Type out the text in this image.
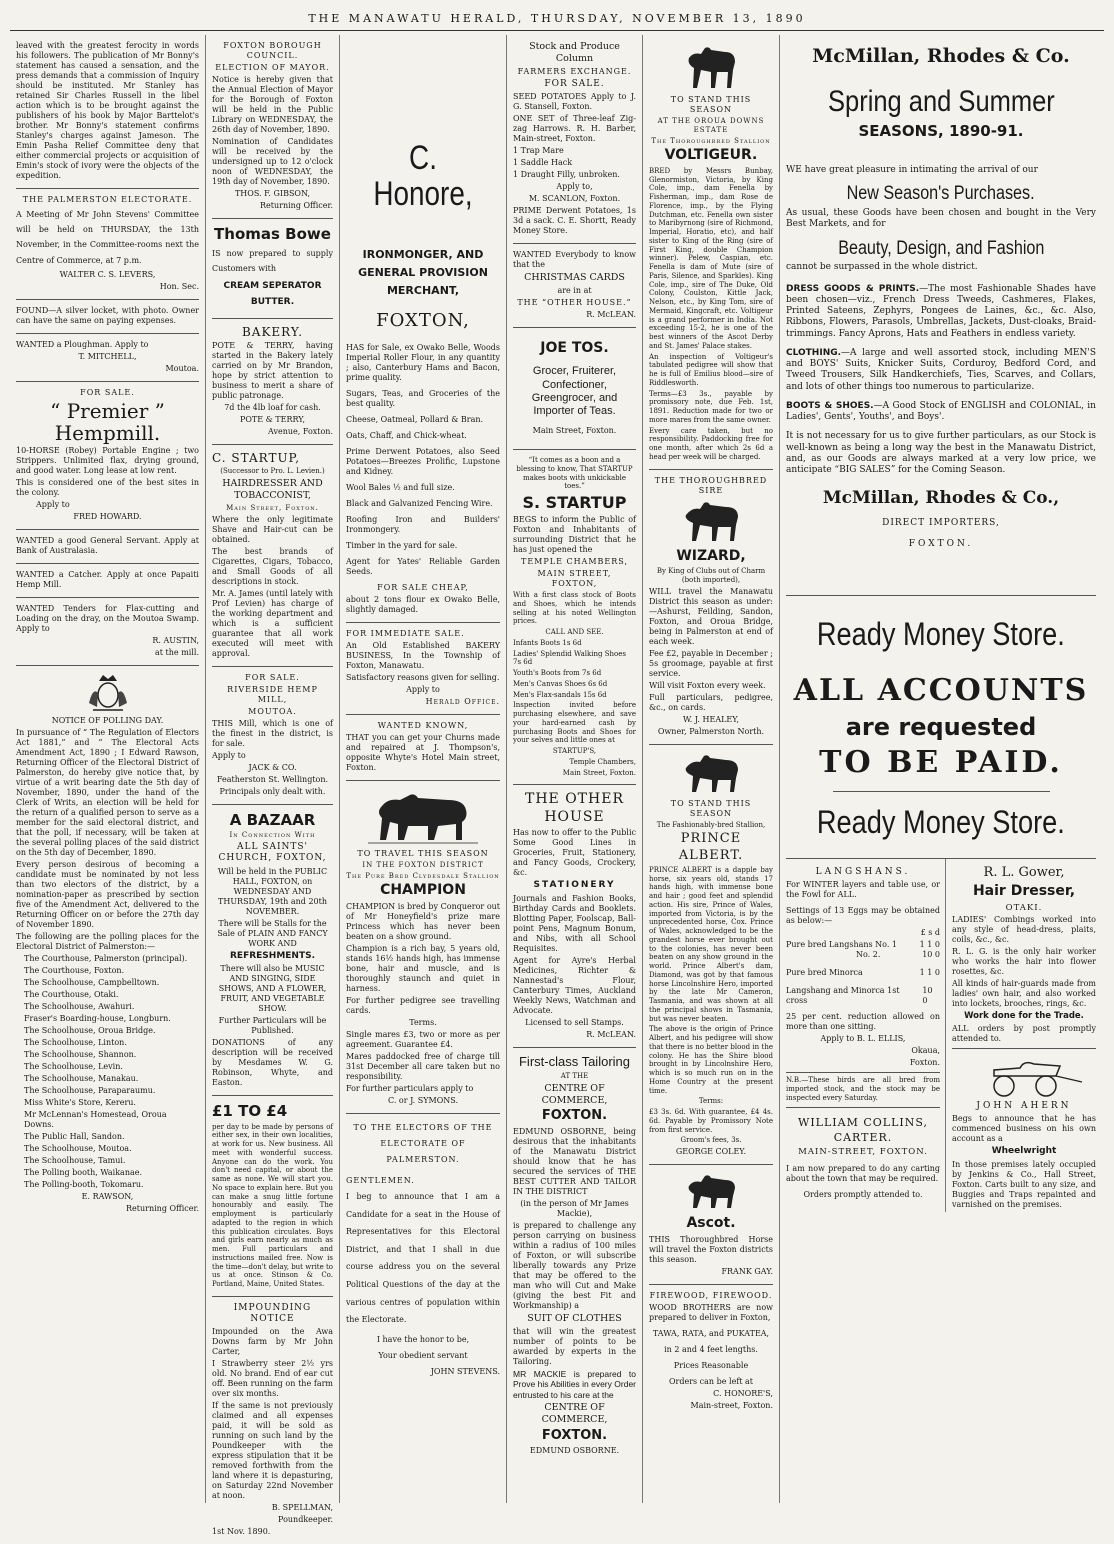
THE MANAWATU HERALD, THURSDAY, NOVEMBER 13, 1890

leaved with the greatest ferocity in words his followers. The publication of Mr Bonny's statement has caused a sensation, and the press demands that a commission of Inquiry should be instituted. Mr Stanley has retained Sir Charles Russell in the libel action which is to be brought against the publishers of his book by Major Barttelot's brother. Mr Bonny's statement confirms Stanley's charges against Jameson. The Emin Pasha Relief Committee deny that either commercial projects or acquisition of Emin's stock of ivory were the objects of the expedition.

THE PALMERSTON ELECTORATE.

A Meeting of Mr John Stevens' Committee will be held on THURSDAY, the 13th November, in the Committee-rooms next the Centre of Commerce, at 7 p.m.

WALTER C. S. LEVERS,

Hon. Sec.

FOUND—A silver locket, with photo. Owner can have the same on paying expenses.

WANTED a Ploughman. Apply to

T. MITCHELL,

Moutoa.

FOR SALE.

“ Premier ” Hempmill.

10-HORSE (Robey) Portable Engine ; two Strippers. Unlimited flax, drying ground, and good water. Long lease at low rent.

This is considered one of the best sites in the colony.

Apply to

FRED HOWARD.

WANTED a good General Servant. Apply at Bank of Australasia.

WANTED a Catcher. Apply at once Papaiti Hemp Mill.

WANTED Tenders for Flax-cutting and Loading on the dray, on the Moutoa Swamp. Apply to

R. AUSTIN,

at the mill.

NOTICE OF POLLING DAY.

In pursuance of “ The Regulation of Electors Act 1881,” and “ The Electoral Acts Amendment Act, 1890 ; I Edward Rawson, Returning Officer of the Electoral District of Palmerston, do hereby give notice that, by virtue of a writ bearing date the 5th day of November, 1890, under the hand of the Clerk of Writs, an election will be held for the return of a qualified person to serve as a member for the said electoral district, and that the poll, if necessary, will be taken at the several polling places of the said district on the 5th day of December, 1890.

Every person desirous of becoming a candidate must be nominated by not less than two electors of the district, by a nomination-paper as prescribed by section five of the Amendment Act, delivered to the Returning Officer on or before the 27th day of November 1890.

The following are the polling places for the Electoral District of Palmerston:—

The Courthouse, Palmerston (principal).

The Courthouse, Foxton.

The Schoolhouse, Campbelltown.

The Courthouse, Otaki.

The Schoolhouse, Awahuri.

Fraser's Boarding-house, Longburn.

The Schoolhouse, Oroua Bridge.

The Schoolhouse, Linton.

The Schoolhouse, Shannon.

The Schoolhouse, Levin.

The Schoolhouse, Manakau.

The Schoolhouse, Paraparaumu.

Miss White's Store, Kereru.

Mr McLennan's Homestead, Oroua Downs.

The Public Hall, Sandon.

The Schoolhouse, Moutoa.

The Schoolhouse, Tamui.

The Polling booth, Waikanae.

The Polling-booth, Tokomaru.

E. RAWSON,

Returning Officer.

FOXTON BOROUGH COUNCIL.

ELECTION OF MAYOR.

Notice is hereby given that the Annual Election of Mayor for the Borough of Foxton will be held in the Public Library on WEDNESDAY, the 26th day of November, 1890.

Nomination of Candidates will be received by the undersigned up to 12 o'clock noon of WEDNESDAY, the 19th day of November, 1890.

THOS. F. GIBSON,

Returning Officer.

Thomas Bowe

IS now prepared to supply Customers with

CREAM SEPERATOR BUTTER.

BAKERY.

POTE & TERRY, having started in the Bakery lately carried on by Mr Brandon, hope by strict attention to business to merit a share of public patronage.

7d the 4lb loaf for cash.

POTE & TERRY,

Avenue, Foxton.

C. STARTUP,

(Successor to Pro. L. Levien.)

HAIRDRESSER AND TOBACCONIST,

Main Street, Foxton.

Where the only legitimate Shave and Hair-cut can be obtained.

The best brands of Cigarettes, Cigars, Tobacco, and Small Goods of all descriptions in stock.

Mr. A. James (until lately with Prof Levien) has charge of the working department and which is a sufficient guarantee that all work executed will meet with approval.

FOR SALE.

RIVERSIDE HEMP MILL,

MOUTOA.

THIS Mill, which is one of the finest in the district, is for sale.

Apply to

JACK & CO.

Featherston St. Wellington.

Principals only dealt with.

A BAZAAR

In Connection With

ALL SAINTS' CHURCH, FOXTON,

Will be held in the PUBLIC HALL, FOXTON, on WEDNESDAY AND THURSDAY, 19th and 20th NOVEMBER.

There will be Stalls for the Sale of PLAIN AND FANCY WORK AND

REFRESHMENTS.

There will also be MUSIC AND SINGING, SIDE SHOWS, AND A FLOWER, FRUIT, AND VEGETABLE SHOW.

Further Particulars will be Published.

DONATIONS of any description will be received by Mesdames W. G. Robinson, Whyte, and Easton.

£1 TO £4

per day to be made by persons of either sex, in their own localities, at work for us. New business. All meet with wonderful success. Anyone can do the work. You don't need capital, or about the same as none. We will start you. No space to explain here. But you can make a snug little fortune honourably and easily. The employment is particularly adapted to the region in which this publication circulates. Boys and girls earn nearly as much as men. Full particulars and instructions mailed free. Now is the time—don't delay, but write to us at once. Stinson & Co. Portland, Maine, United States.

IMPOUNDING NOTICE

Impounded on the Awa Downs farm by Mr John Carter,

I Strawberry steer 2½ yrs old. No brand. End of ear cut off. Been running on the farm over six months.

If the same is not previously claimed and all expenses paid, it will be sold as running on such land by the Poundkeeper with the express stipulation that it be removed forthwith from the land where it is depasturing, on Saturday 22nd November at noon.

B. SPELLMAN,

Poundkeeper.

1st Nov. 1890.

C. Honore,

IRONMONGER, AND GENERAL PROVISION MERCHANT,

FOXTON,

HAS for Sale, ex Owako Belle, Woods Imperial Roller Flour, in any quantity ; also, Canterbury Hams and Bacon, prime quality.

Sugars, Teas, and Groceries of the best quality.

Cheese, Oatmeal, Pollard & Bran.

Oats, Chaff, and Chick-wheat.

Prime Derwent Potatoes, also Seed Potatoes—Breezes Prolific, Lupstone and Kidney.

Wool Bales ½ and full size.

Black and Galvanized Fencing Wire.

Roofing Iron and Builders' Ironmongery.

Timber in the yard for sale.

Agent for Yates' Reliable Garden Seeds.

FOR SALE CHEAP,

about 2 tons flour ex Owako Belle, slightly damaged.

FOR IMMEDIATE SALE.

An Old Established BAKERY BUSINESS, In the Township of Foxton, Manawatu.

Satisfactory reasons given for selling.

Apply to

Herald Office.

WANTED KNOWN,

THAT you can get your Churns made and repaired at J. Thompson's, opposite Whyte's Hotel Main street, Foxton.

TO TRAVEL THIS SEASON

IN THE FOXTON DISTRICT

The Pure Bred Clydesdale Stallion

CHAMPION

CHAMPION is bred by Conqueror out of Mr Honeyfield's prize mare Princess which has never been beaten on a show ground.

Champion is a rich bay, 5 years old, stands 16½ hands high, has immense bone, hair and muscle, and is thoroughly staunch and quiet in harness.

For further pedigree see travelling cards.

Terms.

Single mares £3, two or more as per agreement. Guarantee £4.

Mares paddocked free of charge till 31st December all care taken but no responsibility.

For further particulars apply to

C. or J. SYMONS.

TO THE ELECTORS OF THE ELECTORATE OF PALMERSTON.

GENTLEMEN.

I beg to announce that I am a Candidate for a seat in the House of Representatives for this Electoral District, and that I shall in due course address you on the several Political Questions of the day at the various centres of population within the Electorate.

I have the honor to be,

Your obedient servant

JOHN STEVENS.

Stock and Produce Column

FARMERS EXCHANGE.

FOR SALE.

SEED POTATOES Apply to J. G. Stansell, Foxton.

ONE SET of Three-leaf Zig-zag Harrows. R. H. Barber, Main-street, Foxton.

1 Trap Mare

1 Saddle Hack

1 Draught Filly, unbroken.

Apply to,

M. SCANLON, Foxton.

PRIME Derwent Potatoes, 1s 3d a sack. C. E. Shortt, Ready Money Store.

WANTED Everybody to know that the

CHRISTMAS CARDS

are in at

THE “OTHER HOUSE.”

R. McLEAN.

JOE TOS.

Grocer, Fruiterer, Confectioner, Greengrocer, and Importer of Teas.

Main Street, Foxton.

“It comes as a boon and a blessing to know, That STARTUP makes boots with unkickable toes.”

S. STARTUP

BEGS to inform the Public of Foxton and Inhabitants of surrounding District that he has just opened the

TEMPLE CHAMBERS,

MAIN STREET, FOXTON,

With a first class stock of Boots and Shoes, which he intends selling at his noted Wellington prices.

CALL AND SEE.

Infants Boots 1s 6d

Ladies' Splendid Walking Shoes 7s 6d

Youth's Boots from 7s 6d

Men's Canvas Shoes 6s 6d

Men's Flax-sandals 15s 6d

Inspection invited before purchasing elsewhere, and save your hard-earned cash by purchasing Boots and Shoes for your selves and little ones at

STARTUP'S,

Temple Chambers,

Main Street, Foxton.

THE OTHER HOUSE

Has now to offer to the Public Some Good Lines in Groceries, Fruit, Stationery, and Fancy Goods, Crockery, &c.

STATIONERY

Journals and Fashion Books, Birthday Cards and Booklets. Blotting Paper, Foolscap, Ball-point Pens, Magnum Bonum, and Nibs, with all School Requisites.

Agent for Ayre's Herbal Medicines, Richter & Nannestad's Flour, Canterbury Times, Auckland Weekly News, Watchman and Advocate.

Licensed to sell Stamps.

R. McLEAN.

First-class Tailoring

AT THE

CENTRE OF COMMERCE,

FOXTON.

EDMUND OSBORNE, being desirous that the inhabitants of the Manawatu District should know that he has secured the services of THE BEST CUTTER AND TAILOR IN THE DISTRICT

(in the person of Mr James Mackie),

is prepared to challenge any person carrying on business within a radius of 100 miles of Foxton, or will subscribe liberally towards any Prize that may be offered to the man who will Cut and Make (giving the best Fit and Workmanship) a

SUIT OF CLOTHES

that will win the greatest number of points to be awarded by experts in the Tailoring.

MR MACKIE is prepared to Prove his Abilities in every Order entrusted to his care at the

CENTRE OF COMMERCE,

FOXTON.

EDMUND OSBORNE.

TO STAND THIS SEASON

AT THE OROUA DOWNS ESTATE

The Thoroughbred Stallion

VOLTIGEUR.

BRED by Messrs Bunbay, Glenormiston, Victoria, by King Cole, imp., dam Fenella by Fisherman, imp., dam Rose de Florence, imp., by the Flying Dutchman, etc. Fenella own sister to Maribyrnong (sire of Richmond, Imperial, Horatio, etc), and half sister to King of the Ring (sire of First King, double Champion winner). Pelew, Caspian, etc. Fenella is dam of Mute (sire of Paris, Silence, and Sparkles). King Cole, imp., sire of The Duke, Old Colony, Coulston, Kittle Jack, Nelson, etc., by King Tom, sire of Mermaid, Kingcraft, etc. Voltigeur is a grand performer in India. Not exceeding 15-2, he is one of the best winners of the Ascot Derby and St. James' Palace stakes.

An inspection of Voltigeur's tabulated pedigree will show that he is full of Emilius blood—sire of Riddlesworth.

Terms—£3 3s., payable by promissory note, due Feb. 1st, 1891. Reduction made for two or more mares from the same owner.

Every care taken, but no responsibility. Paddocking free for one month, after which 2s 6d a head per week will be charged.

THE THOROUGHBRED SIRE

WIZARD,

By King of Clubs out of Charm (both imported),

WILL travel the Manawatu District this season as under:—Ashurst, Feilding, Sandon, Foxton, and Oroua Bridge, being in Palmerston at end of each week.

Fee £2, payable in December ; 5s groomage, payable at first service.

Will visit Foxton every week.

Full particulars, pedigree, &c., on cards.

W. J. HEALEY,

Owner, Palmerston North.

TO STAND THIS SEASON

The Fashionably-bred Stallion,

PRINCE ALBERT.

PRINCE ALBERT is a dapple bay horse, six years old, stands 17 hands high, with immense bone and hair ; good feet and splendid action. His sire, Prince of Wales, imported from Victoria, is by the unprecedented horse, Cox. Prince of Wales, acknowledged to be the grandest horse ever brought out to the colonies, has never been beaten on any show ground in the world. Prince Albert's dam, Diamond, was got by that famous horse Lincolnshire Hero, imported by the late Mr Cameron, Tasmania, and was shown at all the principal shows in Tasmania, but was never beaten.

The above is the origin of Prince Albert, and his pedigree will show that there is no better blood in the colony. He has the Shire blood brought in by Lincolnshire Hero, which is so much run on in the Home Country at the present time.

Terms:

£3 3s. 6d. With guarantee, £4 4s. 6d. Payable by Promissory Note from first service.

Groom's fees, 3s.

GEORGE COLEY.

Ascot.

THIS Thoroughbred Horse will travel the Foxton districts this season.

FRANK GAY.

FIREWOOD, FIREWOOD.

WOOD BROTHERS are now prepared to deliver in Foxton,

TAWA, RATA, and PUKATEA,

in 2 and 4 feet lengths.

Prices Reasonable

Orders can be left at

C. HONORE'S,

Main-street, Foxton.

McMillan, Rhodes & Co.

Spring and Summer

SEASONS, 1890-91.

WE have great pleasure in intimating the arrival of our

New Season's Purchases.

As usual, these Goods have been chosen and bought in the Very Best Markets, and for

Beauty, Design, and Fashion

cannot be surpassed in the whole district.

DRESS GOODS & PRINTS.—The most Fashionable Shades have been chosen—viz., French Dress Tweeds, Cashmeres, Flakes, Printed Sateens, Zephyrs, Pongees de Laines, &c., &c. Also, Ribbons, Flowers, Parasols, Umbrellas, Jackets, Dust-cloaks, Braid-trimmings. Fancy Aprons, Hats and Feathers in endless variety.

CLOTHING.—A large and well assorted stock, including MEN'S and BOYS' Suits, Knicker Suits, Corduroy, Bedford Cord, and Tweed Trousers, Silk Handkerchiefs, Ties, Scarves, and Collars, and lots of other things too numerous to particularize.

BOOTS & SHOES.—A Good Stock of ENGLISH and COLONIAL, in Ladies', Gents', Youths', and Boys'.

It is not necessary for us to give further particulars, as our Stock is well-known as being a long way the best in the Manawatu District, and, as our Goods are always marked at a very low price, we anticipate “BIG SALES” for the Coming Season.

McMillan, Rhodes & Co.,

DIRECT IMPORTERS,

FOXTON.

Ready Money Store.

ALL ACCOUNTS

are requested

TO BE PAID.

Ready Money Store.

LANGSHANS.

For WINTER layers and table use, or the Fowl for ALL.

Settings of 13 Eggs may be obtained as below:—

£ s d

Pure bred Langshans No. 1	1 1 0
No. 2.	10 0
Pure bred Minorca	1 1 0
Langshang and Minorca 1st cross
10 0

25 per cent. reduction allowed on more than one sitting.

Apply to B. L. ELLIS,

Okaua,

Foxton.

N.B.—These birds are all bred from imported stock, and the stock may be inspected every Saturday.

WILLIAM COLLINS,

CARTER.

MAIN-STREET, FOXTON.

I am now prepared to do any carting about the town that may be required.

Orders promptly attended to.

R. L. Gower,

Hair Dresser,

OTAKI.

LADIES' Combings worked into any style of head-dress, plaits, coils, &c., &c.

R. L. G. is the only hair worker who works the hair into flower rosettes, &c.

All kinds of hair-guards made from ladies' own hair, and also worked into lockets, brooches, rings, &c.

Work done for the Trade.

ALL orders by post promptly attended to.

JOHN AHERN

Begs to announce that he has commenced business on his own account as a

Wheelwright

In those premises lately occupied by Jenkins & Co., Hall Street, Foxton. Carts built to any size, and Buggies and Traps repainted and varnished on the premises.
